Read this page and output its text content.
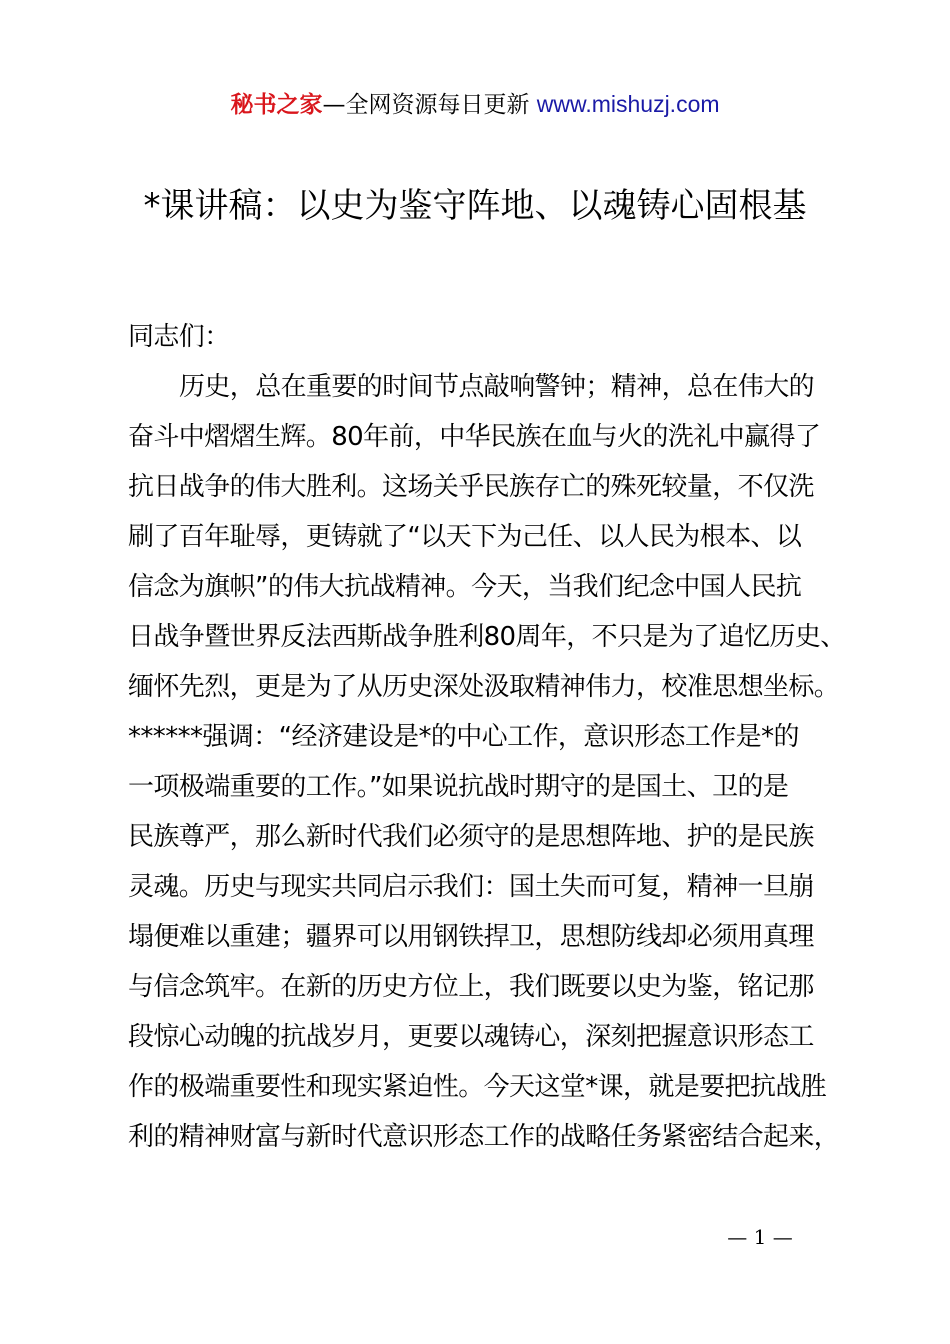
秘书之家—全网资源每日更新 www.mishuzj.com
*课讲稿：以史为鉴守阵地、以魂铸心固根基

同志们：

历史，总在重要的时间节点敲响警钟；精神，总在伟大的
奋斗中熠熠生辉。80年前，中华民族在血与火的洗礼中赢得了
抗日战争的伟大胜利。这场关乎民族存亡的殊死较量，不仅洗
刷了百年耻辱，更铸就了“以天下为己任、以人民为根本、以
信念为旗帜”的伟大抗战精神。今天，当我们纪念中国人民抗
日战争暨世界反法西斯战争胜利80周年，不只是为了追忆历史、
缅怀先烈，更是为了从历史深处汲取精神伟力，校准思想坐标。
******强调：“经济建设是*的中心工作，意识形态工作是*的
一项极端重要的工作。”如果说抗战时期守的是国土、卫的是
民族尊严，那么新时代我们必须守的是思想阵地、护的是民族
灵魂。历史与现实共同启示我们：国土失而可复，精神一旦崩
塌便难以重建；疆界可以用钢铁捍卫，思想防线却必须用真理
与信念筑牢。在新的历史方位上，我们既要以史为鉴，铭记那
段惊心动魄的抗战岁月，更要以魂铸心，深刻把握意识形态工
作的极端重要性和现实紧迫性。今天这堂*课，就是要把抗战胜
利的精神财富与新时代意识形态工作的战略任务紧密结合起来，
— 1 —
